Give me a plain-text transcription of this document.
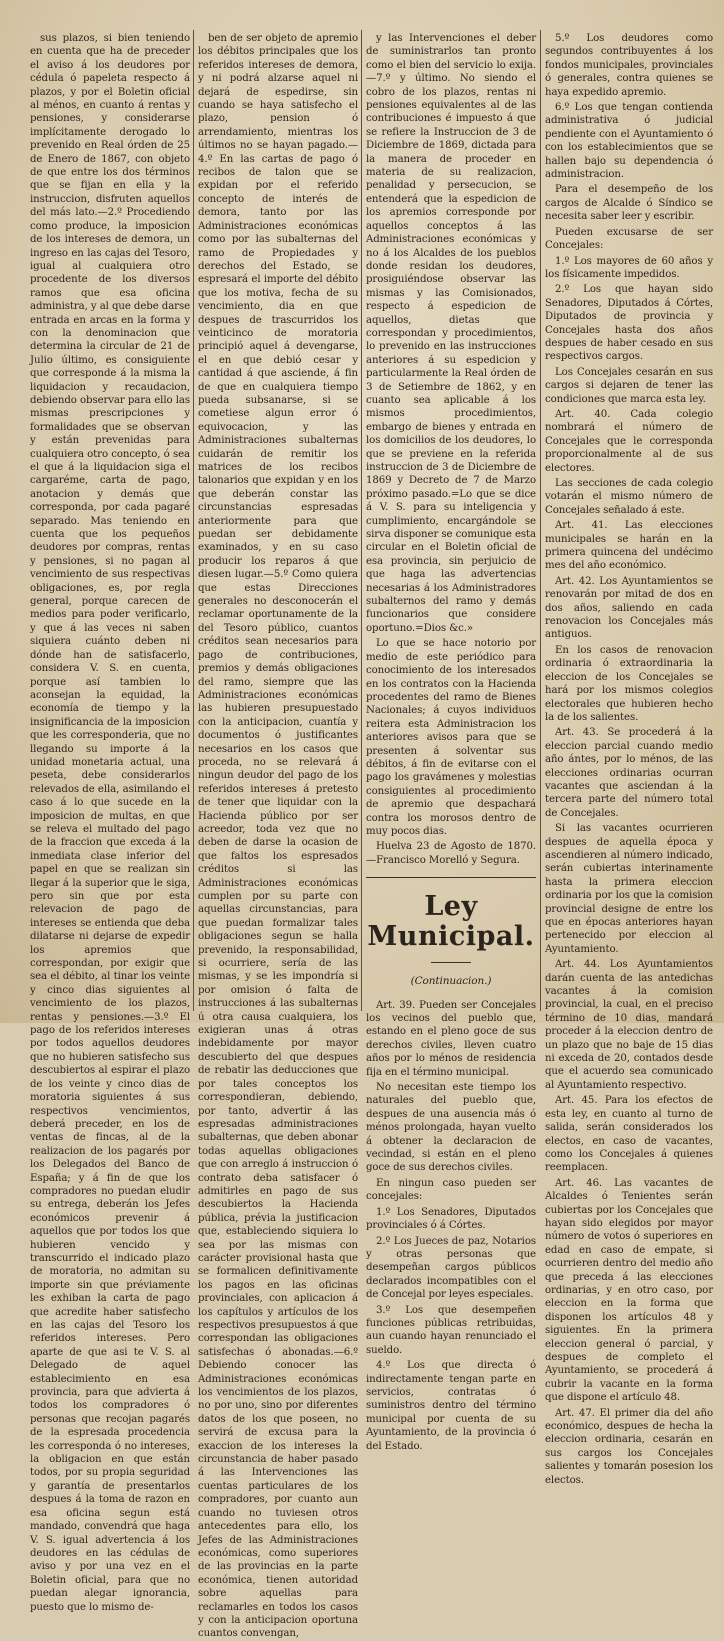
sus plazos, si bien teniendo en cuenta que ha de preceder el aviso á los deudores por cédula ó papeleta respecto á plazos, y por el Boletin oficial al ménos, en cuanto á rentas y pensiones, y considerarse implícitamente derogado lo prevenido en Real órden de 25 de Enero de 1867, con objeto de que entre los dos términos que se fijan en ella y la instruccion, disfruten aquellos del más lato.—2.º Procediendo como produce, la imposicion de los intereses de demora, un ingreso en las cajas del Tesoro, igual al cualquiera otro procedente de los diversos ramos que esa oficina administra, y al que debe darse entrada en arcas en la forma y con la denominacion que determina la circular de 21 de Julio último, es consiguiente que corresponde á la misma la liquidacion y recaudacion, debiendo observar para ello las mismas prescripciones y formalidades que se observan y están prevenidas para cualquiera otro concepto, ó sea el que á la liquidacion siga el cargaréme, carta de pago, anotacion y demás que corresponda, por cada pagaré separado. Mas teniendo en cuenta que los pequeños deudores por compras, rentas y pensiones, si no pagan al vencimiento de sus respectivas obligaciones, es, por regla general, porque carecen de medios para poder verificarlo, y que á las veces ni saben siquiera cuánto deben ni dónde han de satisfacerlo, considera V. S. en cuenta, porque así tambien lo aconsejan la equidad, la economía de tiempo y la insignificancia de la imposicion que les corresponderia, que no llegando su importe á la unidad monetaria actual, una peseta, debe considerarlos relevados de ella, asimilando el caso á lo que sucede en la imposicion de multas, en que se releva el multado del pago de la fraccion que exceda á la inmediata clase inferior del papel en que se realizan sin llegar á la superior que le siga, pero sin que por esta relevacion de pago de intereses se entienda que deba dilatarse ni dejarse de expedir los apremios que correspondan, por exigir que sea el débito, al tinar los veinte y cinco dias siguientes al vencimiento de los plazos, rentas y pensiones.—3.º El pago de los referidos intereses por todos aquellos deudores que no hubieren satisfecho sus descubiertos al espirar el plazo de los veinte y cinco dias de moratoria siguientes á sus respectivos vencimientos, deberá preceder, en los de ventas de fincas, al de la realizacion de los pagarés por los Delegados del Banco de España; y á fin de que los compradores no puedan eludir su entrega, deberán los Jefes económicos prevenir á aquellos que por todos los que hubieren vencido y transcurrido el indicado plazo de moratoria, no admitan su importe sin que préviamente les exhiban la carta de pago que acredite haber satisfecho en las cajas del Tesoro los referidos intereses. Pero aparte de que asi te V. S. al Delegado de aquel establecimiento en esa provincia, para que advierta á todos los compradores ó personas que recojan pagarés de la espresada procedencia les corresponda ó no intereses, la obligacion en que están todos, por su propia seguridad y garantía de presentarlos despues á la toma de razon en esa oficina segun está mandado, convendrá que haga V. S. igual advertencia á los deudores en las cédulas de aviso y por una vez en el Boletin oficial, para que no puedan alegar ignorancia, puesto que lo mismo de-

ben de ser objeto de apremio los débitos principales que los referidos intereses de demora, y ni podrá alzarse aquel ni dejará de espedirse, sin cuando se haya satisfecho el plazo, pension ó arrendamiento, mientras los últimos no se hayan pagado.—4.º En las cartas de pago ó recibos de talon que se expidan por el referido concepto de interés de demora, tanto por las Administraciones económicas como por las subalternas del ramo de Propiedades y derechos del Estado, se espresará el importe del débito que los motiva, fecha de su vencimiento, dia en que despues de trascurridos los veinticinco de moratoria principió aquel á devengarse, el en que debió cesar y cantidad á que asciende, á fin de que en cualquiera tiempo pueda subsanarse, si se cometiese algun error ó equivocacion, y las Administraciones subalternas cuidarán de remitir los matrices de los recibos talonarios que expidan y en los que deberán constar las circunstancias espresadas anteriormente para que puedan ser debidamente examinados, y en su caso producir los reparos á que diesen lugar.—5.º Como quiera que estas Direcciones generales no desconocerán el reclamar oportunamente de la del Tesoro público, cuantos créditos sean necesarios para pago de contribuciones, premios y demás obligaciones del ramo, siempre que las Administraciones económicas las hubieren presupuestado con la anticipacion, cuantía y documentos ó justificantes necesarios en los casos que proceda, no se relevará á ningun deudor del pago de los referidos intereses á pretesto de tener que liquidar con la Hacienda público por ser acreedor, toda vez que no deben de darse la ocasion de que faltos los espresados créditos si las Administraciones económicas cumplen por su parte con aquellas circunstancias, para que puedan formalizar tales obligaciones segun se halla prevenido, la responsabilidad, si ocurriere, sería de las mismas, y se les impondría si por omision ó falta de instrucciones á las subalternas ú otra causa cualquiera, los exigieran unas á otras indebidamente por mayor descubierto del que despues de rebatir las deducciones que por tales conceptos los correspondieran, debiendo, por tanto, advertir á las espresadas administraciones subalternas, que deben abonar todas aquellas obligaciones que con arreglo á instruccion ó contrato deba satisfacer ó admitirles en pago de sus descubiertos la Hacienda pública, prévia la justificacion que, estableciendo siquiera lo sea por las mismas con carácter provisional hasta que se formalicen definitivamente los pagos en las oficinas provinciales, con aplicacion á los capítulos y artículos de los respectivos presupuestos á que correspondan las obligaciones satisfechas ó abonadas.—6.º Debiendo conocer las Administraciones económicas los vencimientos de los plazos, no por uno, sino por diferentes datos de los que poseen, no servirá de excusa para la exaccion de los intereses la circunstancia de haber pasado á las Intervenciones las cuentas particulares de los compradores, por cuanto aun cuando no tuviesen otros antecedentes para ello, los Jefes de las Administraciones económicas, como superiores de las provincias en la parte económica, tienen autoridad sobre aquellas para reclamarles en todos los casos y con la anticipacion oportuna cuantos convengan,

y las Intervenciones el deber de suministrarlos tan pronto como el bien del servicio lo exija.—7.º y último. No siendo el cobro de los plazos, rentas ni pensiones equivalentes al de las contribuciones é impuesto á que se refiere la Instruccion de 3 de Diciembre de 1869, dictada para la manera de proceder en materia de su realizacion, penalidad y persecucion, se entenderá que la espedicion de los apremios corresponde por aquellos conceptos á las Administraciones económicas y no á los Alcaldes de los pueblos donde residan los deudores, prosiguiéndose observar las mismas y las Comisionados, respecto á espedicion de aquellos, dietas que correspondan y procedimientos, lo prevenido en las instrucciones anteriores á su espedicion y particularmente la Real órden de 3 de Setiembre de 1862, y en cuanto sea aplicable á los mismos procedimientos, embargo de bienes y entrada en los domicilios de los deudores, lo que se previene en la referida instruccion de 3 de Diciembre de 1869 y Decreto de 7 de Marzo próximo pasado.=Lo que se dice á V. S. para su inteligencia y cumplimiento, encargándole se sirva disponer se comunique esta circular en el Boletin oficial de esa provincia, sin perjuicio de que haga las advertencias necesarias á los Administradores subalternos del ramo y demás funcionarios que considere oportuno.=Dios &c.»

Lo que se hace notorio por medio de este periódico para conocimiento de los interesados en los contratos con la Hacienda procedentes del ramo de Bienes Nacionales; á cuyos individuos reitera esta Administracion los anteriores avisos para que se presenten á solventar sus débitos, á fin de evitarse con el pago los gravámenes y molestias consiguientes al procedimiento de apremio que despachará contra los morosos dentro de muy pocos dias.

Huelva 23 de Agosto de 1870.—Francisco Morelló y Segura.

Ley Municipal.
(Continuacion.)

Art. 39. Pueden ser Concejales los vecinos del pueblo que, estando en el pleno goce de sus derechos civiles, lleven cuatro años por lo ménos de residencia fija en el término municipal.

No necesitan este tiempo los naturales del pueblo que, despues de una ausencia más ó ménos prolongada, hayan vuelto á obtener la declaracion de vecindad, si están en el pleno goce de sus derechos civiles.

En ningun caso pueden ser concejales:

1.º Los Senadores, Diputados provinciales ó á Córtes.

2.º Los Jueces de paz, Notarios y otras personas que desempeñan cargos públicos declarados incompatibles con el de Concejal por leyes especiales.

3.º Los que desempeñen funciones públicas retribuidas, aun cuando hayan renunciado el sueldo.

4.º Los que directa ó indirectamente tengan parte en servicios, contratas ó suministros dentro del término municipal por cuenta de su Ayuntamiento, de la provincia ó del Estado.

5.º Los deudores como segundos contribuyentes á los fondos municipales, provinciales ó generales, contra quienes se haya expedido apremio.

6.º Los que tengan contienda administrativa ó judicial pendiente con el Ayuntamiento ó con los establecimientos que se hallen bajo su dependencia ó administracion.

Para el desempeño de los cargos de Alcalde ó Síndico se necesita saber leer y escribir.

Pueden excusarse de ser Concejales:

1.º Los mayores de 60 años y los físicamente impedidos.

2.º Los que hayan sido Senadores, Diputados á Córtes, Diputados de provincia y Concejales hasta dos años despues de haber cesado en sus respectivos cargos.

Los Concejales cesarán en sus cargos si dejaren de tener las condiciones que marca esta ley.

Art. 40. Cada colegio nombrará el número de Concejales que le corresponda proporcionalmente al de sus electores.

Las secciones de cada colegio votarán el mismo número de Concejales señalado á este.

Art. 41. Las elecciones municipales se harán en la primera quincena del undécimo mes del año económico.

Art. 42. Los Ayuntamientos se renovarán por mitad de dos en dos años, saliendo en cada renovacion los Concejales más antiguos.

En los casos de renovacion ordinaria ó extraordinaria la eleccion de los Concejales se hará por los mismos colegios electorales que hubieren hecho la de los salientes.

Art. 43. Se procederá á la eleccion parcial cuando medio año ántes, por lo ménos, de las elecciones ordinarias ocurran vacantes que asciendan á la tercera parte del número total de Concejales.

Si las vacantes ocurrieren despues de aquella época y ascendieren al número indicado, serán cubiertas interinamente hasta la primera eleccion ordinaria por los que la comision provincial designe de entre los que en épocas anteriores hayan pertenecido por eleccion al Ayuntamiento.

Art. 44. Los Ayuntamientos darán cuenta de las antedichas vacantes á la comision provincial, la cual, en el preciso término de 10 dias, mandará proceder á la eleccion dentro de un plazo que no baje de 15 dias ni exceda de 20, contados desde que el acuerdo sea comunicado al Ayuntamiento respectivo.

Art. 45. Para los efectos de esta ley, en cuanto al turno de salida, serán considerados los electos, en caso de vacantes, como los Concejales á quienes reemplacen.

Art. 46. Las vacantes de Alcaldes ó Tenientes serán cubiertas por los Concejales que hayan sido elegidos por mayor número de votos ó superiores en edad en caso de empate, si ocurrieren dentro del medio año que preceda á las elecciones ordinarias, y en otro caso, por eleccion en la forma que disponen los artículos 48 y siguientes. En la primera eleccion general ó parcial, y despues de completo el Ayuntamiento, se procederá á cubrir la vacante en la forma que dispone el artículo 48.

Art. 47. El primer dia del año económico, despues de hecha la eleccion ordinaria, cesarán en sus cargos los Concejales salientes y tomarán posesion los electos.
